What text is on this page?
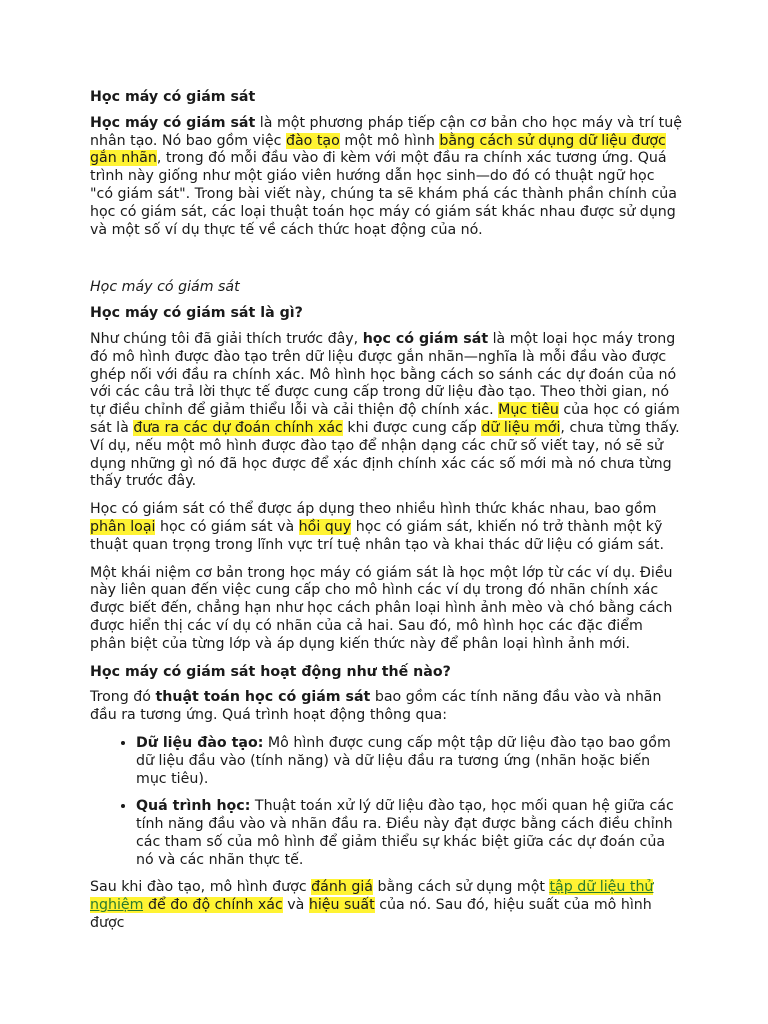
Học máy có giám sát
Học máy có giám sát là một phương pháp tiếp cận cơ bản cho học máy và trí tuệ nhân tạo. Nó bao gồm việc đào tạo một mô hình bằng cách sử dụng dữ liệu được gắn nhãn, trong đó mỗi đầu vào đi kèm với một đầu ra chính xác tương ứng. Quá trình này giống như một giáo viên hướng dẫn học sinh—do đó có thuật ngữ học "có giám sát". Trong bài viết này, chúng ta sẽ khám phá các thành phần chính của học có giám sát, các loại thuật toán học máy có giám sát khác nhau được sử dụng và một số ví dụ thực tế về cách thức hoạt động của nó.
Học máy có giám sát
Học máy có giám sát là gì?
Như chúng tôi đã giải thích trước đây, học có giám sát là một loại học máy trong đó mô hình được đào tạo trên dữ liệu được gắn nhãn—nghĩa là mỗi đầu vào được ghép nối với đầu ra chính xác. Mô hình học bằng cách so sánh các dự đoán của nó với các câu trả lời thực tế được cung cấp trong dữ liệu đào tạo. Theo thời gian, nó tự điều chỉnh để giảm thiểu lỗi và cải thiện độ chính xác. Mục tiêu của học có giám sát là đưa ra các dự đoán chính xác khi được cung cấp dữ liệu mới, chưa từng thấy. Ví dụ, nếu một mô hình được đào tạo để nhận dạng các chữ số viết tay, nó sẽ sử dụng những gì nó đã học được để xác định chính xác các số mới mà nó chưa từng thấy trước đây.
Học có giám sát có thể được áp dụng theo nhiều hình thức khác nhau, bao gồm phân loại học có giám sát và hồi quy học có giám sát, khiến nó trở thành một kỹ thuật quan trọng trong lĩnh vực trí tuệ nhân tạo và khai thác dữ liệu có giám sát.
Một khái niệm cơ bản trong học máy có giám sát là học một lớp từ các ví dụ. Điều này liên quan đến việc cung cấp cho mô hình các ví dụ trong đó nhãn chính xác được biết đến, chẳng hạn như học cách phân loại hình ảnh mèo và chó bằng cách được hiển thị các ví dụ có nhãn của cả hai. Sau đó, mô hình học các đặc điểm phân biệt của từng lớp và áp dụng kiến thức này để phân loại hình ảnh mới.
Học máy có giám sát hoạt động như thế nào?
Trong đó thuật toán học có giám sát bao gồm các tính năng đầu vào và nhãn đầu ra tương ứng. Quá trình hoạt động thông qua:
• Dữ liệu đào tạo: Mô hình được cung cấp một tập dữ liệu đào tạo bao gồm dữ liệu đầu vào (tính năng) và dữ liệu đầu ra tương ứng (nhãn hoặc biến mục tiêu).
• Quá trình học: Thuật toán xử lý dữ liệu đào tạo, học mối quan hệ giữa các tính năng đầu vào và nhãn đầu ra. Điều này đạt được bằng cách điều chỉnh các tham số của mô hình để giảm thiểu sự khác biệt giữa các dự đoán của nó và các nhãn thực tế.
Sau khi đào tạo, mô hình được đánh giá bằng cách sử dụng một tập dữ liệu thử nghiệm để đo độ chính xác và hiệu suất của nó. Sau đó, hiệu suất của mô hình được
